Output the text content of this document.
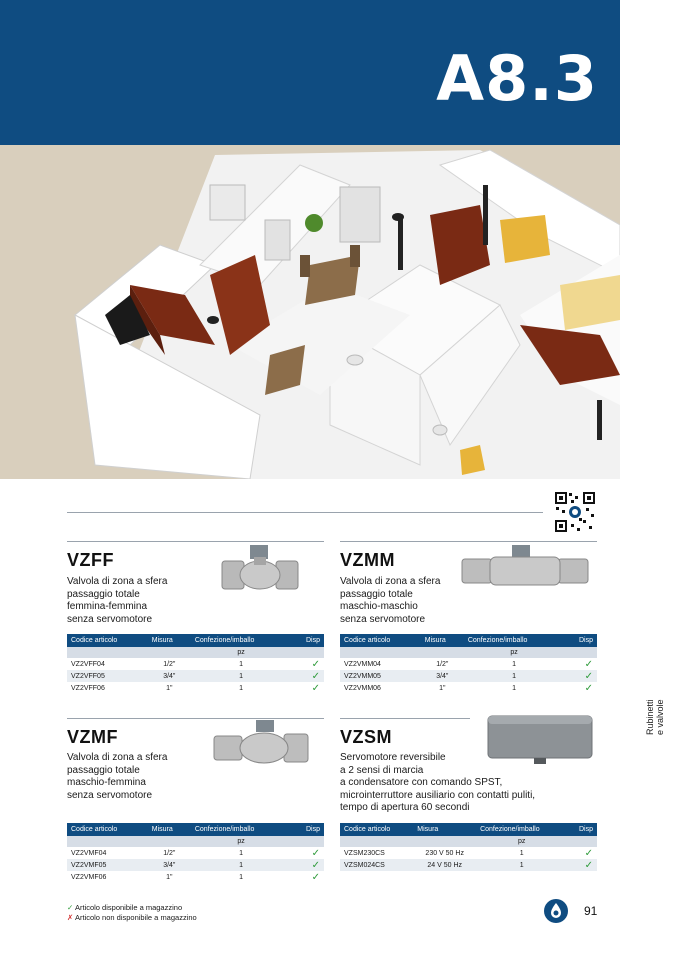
A8.3
Rubinetti e valvole
VZFF
Valvola di zona a sfera
passaggio totale
femmina-femmina
senza servomotore
Codice articolo	Misura	Confezione/imballo	Disp
		pz	
VZ2VFF04	1/2"	1	✓
VZ2VFF05	3/4"	1	✓
VZ2VFF06	1"	1	✓
VZMM
Valvola di zona a sfera
passaggio totale
maschio-maschio
senza servomotore
Codice articolo	Misura	Confezione/imballo	Disp
		pz	
VZ2VMM04	1/2"	1	✓
VZ2VMM05	3/4"	1	✓
VZ2VMM06	1"	1	✓
VZMF
Valvola di zona a sfera
passaggio totale
maschio-femmina
senza servomotore
Codice articolo	Misura	Confezione/imballo	Disp
		pz	
VZ2VMF04	1/2"	1	✓
VZ2VMF05	3/4"	1	✓
VZ2VMF06	1"	1	✓
VZSM
Servomotore reversibile
a 2 sensi di marcia
a condensatore con comando SPST,
microinterruttore ausiliario con contatti puliti,
tempo di apertura 60 secondi
Codice articolo	Misura	Confezione/imballo	Disp
		pz	
VZSM230CS	230 V 50 Hz	1	✓
VZSM024CS	24 V 50 Hz	1	✓
✓ Articolo disponibile a magazzino
✗ Articolo non disponibile a magazzino	91
